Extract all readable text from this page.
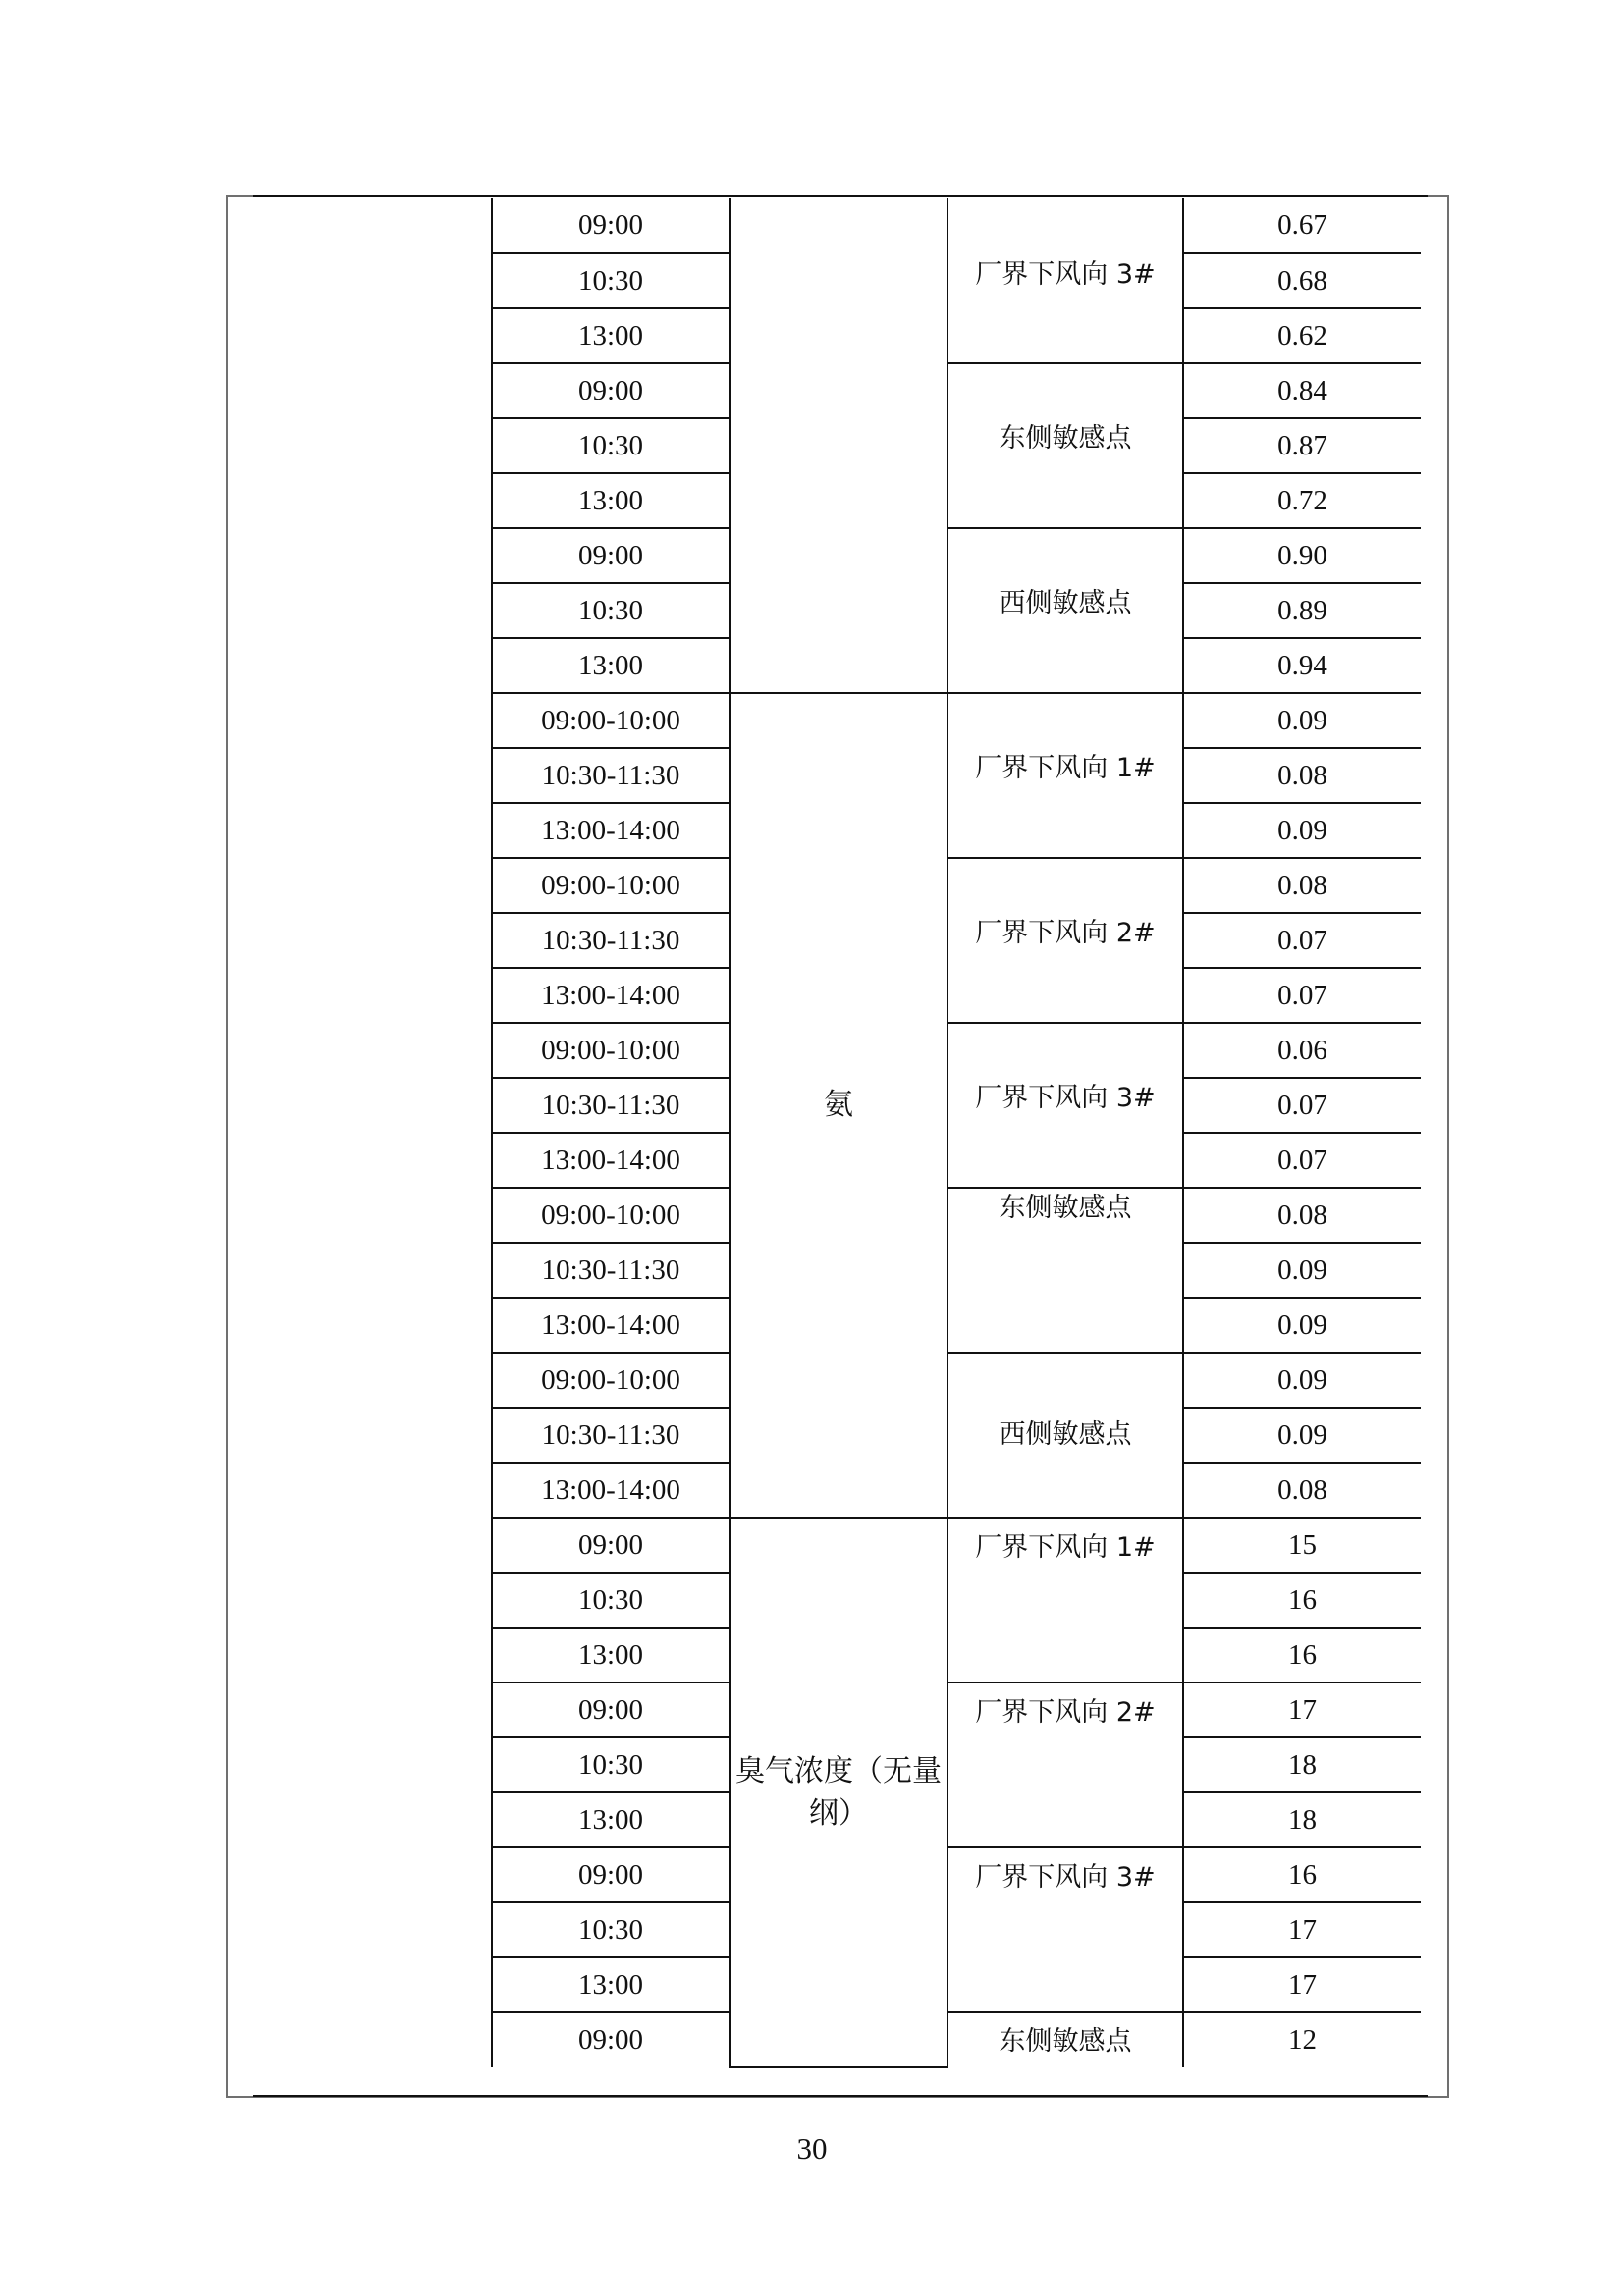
09:00		厂界下风向 3#	0.67
10:30			0.68
13:00			0.62
09:00		东侧敏感点	0.84
10:30			0.87
13:00			0.72
09:00		西侧敏感点	0.90
10:30			0.89
13:00			0.94
09:00-10:00	氨	厂界下风向 1#	0.09
10:30-11:30			0.08
13:00-14:00			0.09
09:00-10:00		厂界下风向 2#	0.08
10:30-11:30			0.07
13:00-14:00			0.07
09:00-10:00		厂界下风向 3#	0.06
10:30-11:30			0.07
13:00-14:00			0.07
09:00-10:00		东侧敏感点	0.08
10:30-11:30			0.09
13:00-14:00			0.09
09:00-10:00		西侧敏感点	0.09
10:30-11:30			0.09
13:00-14:00			0.08
09:00	臭气浓度（无量纲）	厂界下风向 1#	15
10:30			16
13:00			16
09:00		厂界下风向 2#	17
10:30			18
13:00			18
09:00		厂界下风向 3#	16
10:30			17
13:00			17
09:00		东侧敏感点	12
30
